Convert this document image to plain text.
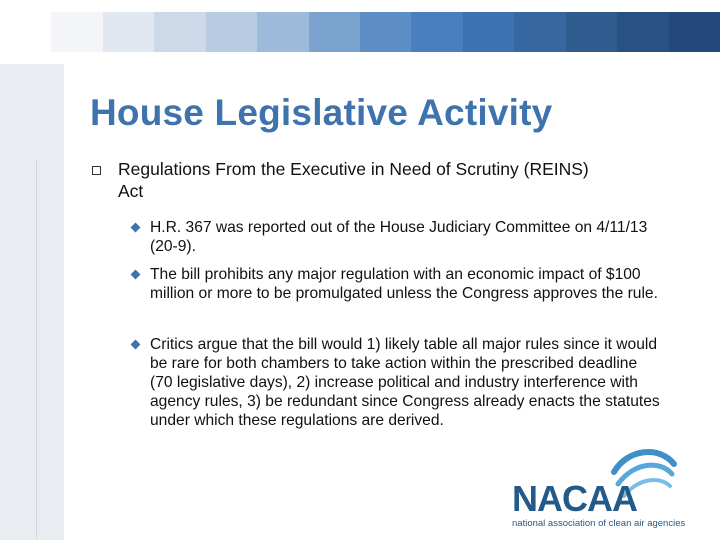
House Legislative Activity
Regulations From the Executive in Need of Scrutiny (REINS) Act
H.R. 367 was reported out of the House Judiciary Committee on 4/11/13 (20-9).
The bill prohibits any major regulation with an economic impact of $100 million or more to be promulgated unless the Congress approves the rule.
Critics argue that the bill would 1) likely table all major rules since it would be rare for both chambers to take action within the prescribed deadline (70 legislative days), 2) increase political and industry interference with agency rules, 3) be redundant since Congress already enacts the statutes under which these regulations are derived.
NACAA
national association of clean air agencies
